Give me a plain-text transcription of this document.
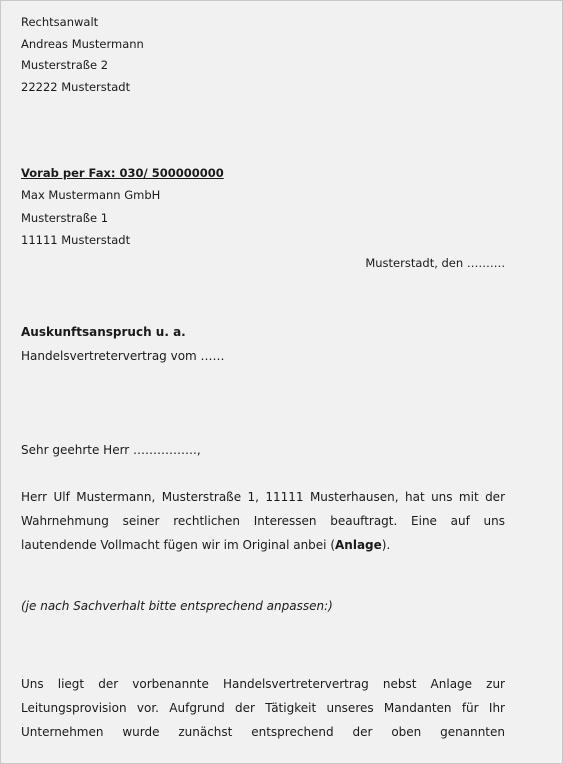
Rechtsanwalt
Andreas Mustermann
Musterstraße 2
22222 Musterstadt
Vorab per Fax: 030/ 500000000
Max Mustermann GmbH
Musterstraße 1
11111 Musterstadt
Musterstadt, den ……….
Auskunftsanspruch u. a.
Handelsvertretervertrag vom ……
Sehr geehrte Herr …………….,
Herr Ulf Mustermann, Musterstraße 1, 11111 Musterhausen, hat uns mit der
Wahrnehmung seiner rechtlichen Interessen beauftragt. Eine auf uns
lautendende Vollmacht fügen wir im Original anbei (Anlage).
(je nach Sachverhalt bitte entsprechend anpassen:)
Uns liegt der vorbenannte Handelsvertretervertrag nebst Anlage zur
Leitungsprovision vor. Aufgrund der Tätigkeit unseres Mandanten für Ihr
Unternehmen wurde zunächst entsprechend der oben genannten
